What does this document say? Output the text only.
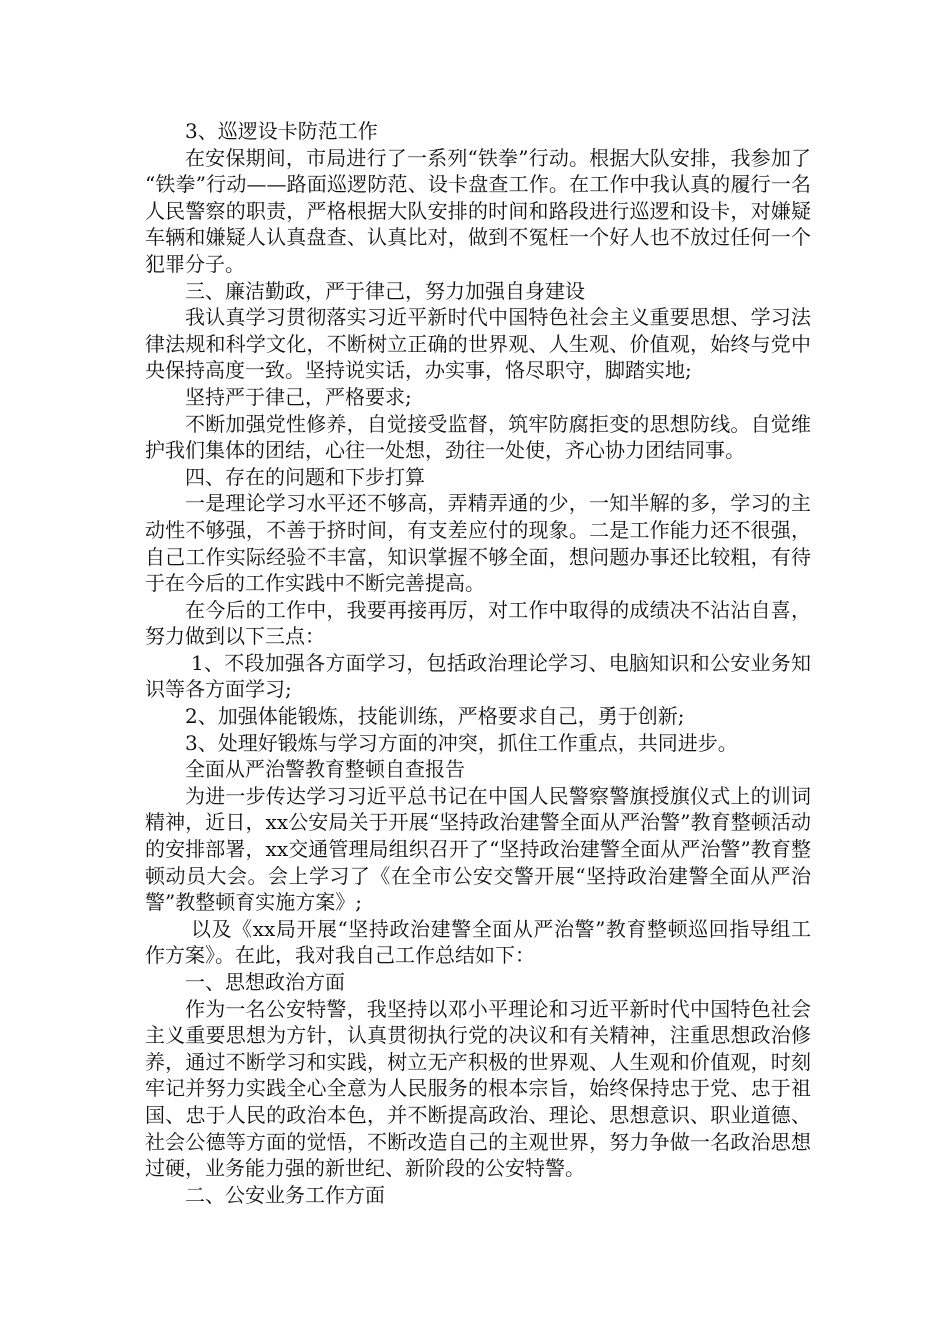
3、巡逻设卡防范工作

在安保期间，市局进行了一系列“铁拳”行动。根据大队安排，我参加了“铁拳”行动——路面巡逻防范、设卡盘查工作。在工作中我认真的履行一名人民警察的职责，严格根据大队安排的时间和路段进行巡逻和设卡，对嫌疑车辆和嫌疑人认真盘查、认真比对，做到不冤枉一个好人也不放过任何一个犯罪分子。

三、廉洁勤政，严于律己，努力加强自身建设

我认真学习贯彻落实习近平新时代中国特色社会主义重要思想、学习法律法规和科学文化，不断树立正确的世界观、人生观、价值观，始终与党中央保持高度一致。坚持说实话，办实事，恪尽职守，脚踏实地;

坚持严于律己，严格要求;

不断加强党性修养，自觉接受监督，筑牢防腐拒变的思想防线。自觉维护我们集体的团结，心往一处想，劲往一处使，齐心协力团结同事。

四、存在的问题和下步打算

一是理论学习水平还不够高，弄精弄通的少，一知半解的多，学习的主动性不够强，不善于挤时间，有支差应付的现象。二是工作能力还不很强，自己工作实际经验不丰富，知识掌握不够全面，想问题办事还比较粗，有待于在今后的工作实践中不断完善提高。

在今后的工作中，我要再接再厉，对工作中取得的成绩决不沾沾自喜，努力做到以下三点：

1、不段加强各方面学习，包括政治理论学习、电脑知识和公安业务知识等各方面学习;

2、加强体能锻炼，技能训练，严格要求自己，勇于创新;

3、处理好锻炼与学习方面的冲突，抓住工作重点，共同进步。

全面从严治警教育整顿自查报告

为进一步传达学习习近平总书记在中国人民警察警旗授旗仪式上的训词精神，近日，xx公安局关于开展“坚持政治建警全面从严治警”教育整顿活动的安排部署，xx交通管理局组织召开了“坚持政治建警全面从严治警”教育整顿动员大会。会上学习了《在全市公安交警开展“坚持政治建警全面从严治警”教整顿育实施方案》;

以及《xx局开展“坚持政治建警全面从严治警”教育整顿巡回指导组工作方案》。在此，我对我自己工作总结如下：

一、思想政治方面

作为一名公安特警，我坚持以邓小平理论和习近平新时代中国特色社会主义重要思想为方针，认真贯彻执行党的决议和有关精神，注重思想政治修养，通过不断学习和实践，树立无产积极的世界观、人生观和价值观，时刻牢记并努力实践全心全意为人民服务的根本宗旨，始终保持忠于党、忠于祖国、忠于人民的政治本色，并不断提高政治、理论、思想意识、职业道德、社会公德等方面的觉悟，不断改造自己的主观世界，努力争做一名政治思想过硬，业务能力强的新世纪、新阶段的公安特警。

二、公安业务工作方面
